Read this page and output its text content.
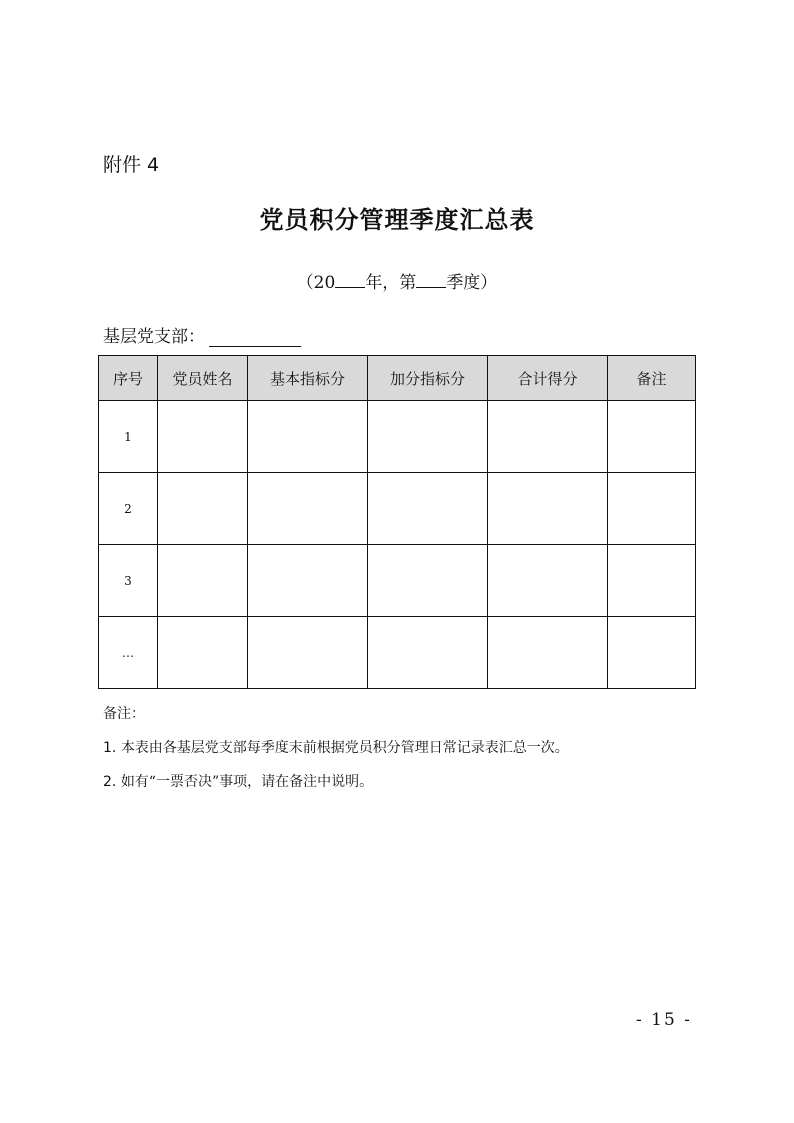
附件 4
党员积分管理季度汇总表
（20 年，第 季度）
基层党支部：
序号	党员姓名	基本指标分	加分指标分	合计得分	备注
1					
2					
3					
…					
备注：
1. 本表由各基层党支部每季度末前根据党员积分管理日常记录表汇总一次。
2. 如有“一票否决”事项，请在备注中说明。
- 15 -
